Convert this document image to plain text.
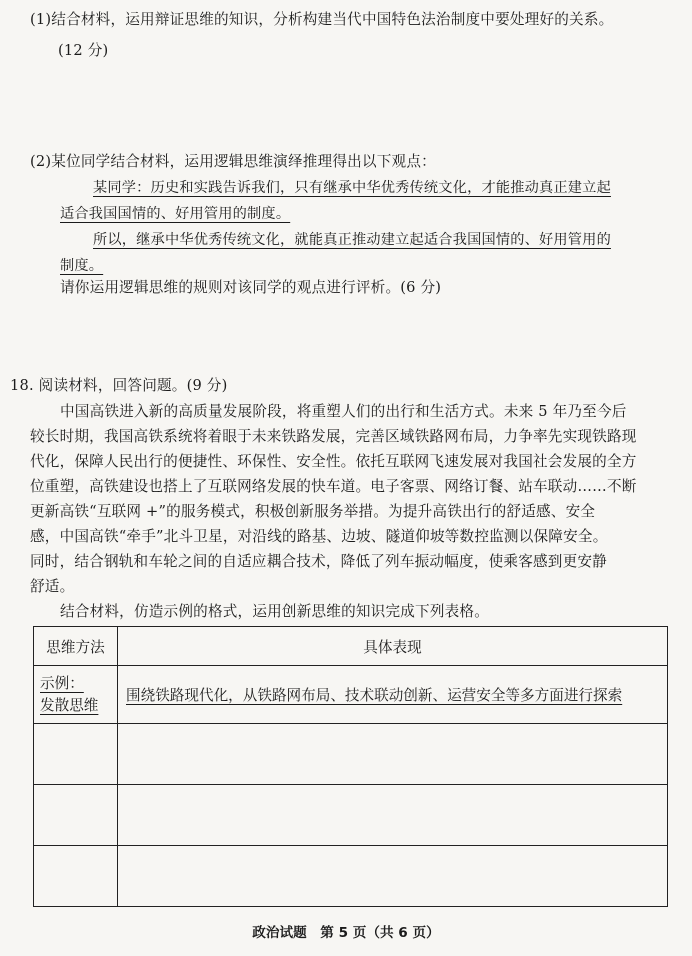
(1)结合材料，运用辩证思维的知识，分析构建当代中国特色法治制度中要处理好的关系。
(12 分)
(2)某位同学结合材料，运用逻辑思维演绎推理得出以下观点：
某同学：历史和实践告诉我们，只有继承中华优秀传统文化，才能推动真正建立起
适合我国国情的、好用管用的制度。
所以，继承中华优秀传统文化，就能真正推动建立起适合我国国情的、好用管用的
制度。
请你运用逻辑思维的规则对该同学的观点进行评析。(6 分)
18. 阅读材料，回答问题。(9 分)
中国高铁进入新的高质量发展阶段，将重塑人们的出行和生活方式。未来 5 年乃至今后
较长时期，我国高铁系统将着眼于未来铁路发展，完善区域铁路网布局，力争率先实现铁路现
代化，保障人民出行的便捷性、环保性、安全性。依托互联网飞速发展对我国社会发展的全方
位重塑，高铁建设也搭上了互联网络发展的快车道。电子客票、网络订餐、站车联动……不断
更新高铁“互联网 +”的服务模式，积极创新服务举措。为提升高铁出行的舒适感、安全
感，中国高铁“牵手”北斗卫星，对沿线的路基、边坡、隧道仰坡等数控监测以保障安全。
同时，结合钢轨和车轮之间的自适应耦合技术，降低了列车振动幅度，使乘客感到更安静
舒适。
结合材料，仿造示例的格式，运用创新思维的知识完成下列表格。
思维方法	具体表现
示例：
发散思维	围绕铁路现代化，从铁路网布局、技术联动创新、运营安全等多方面进行探索

政治试题　第 5 页（共 6 页）
